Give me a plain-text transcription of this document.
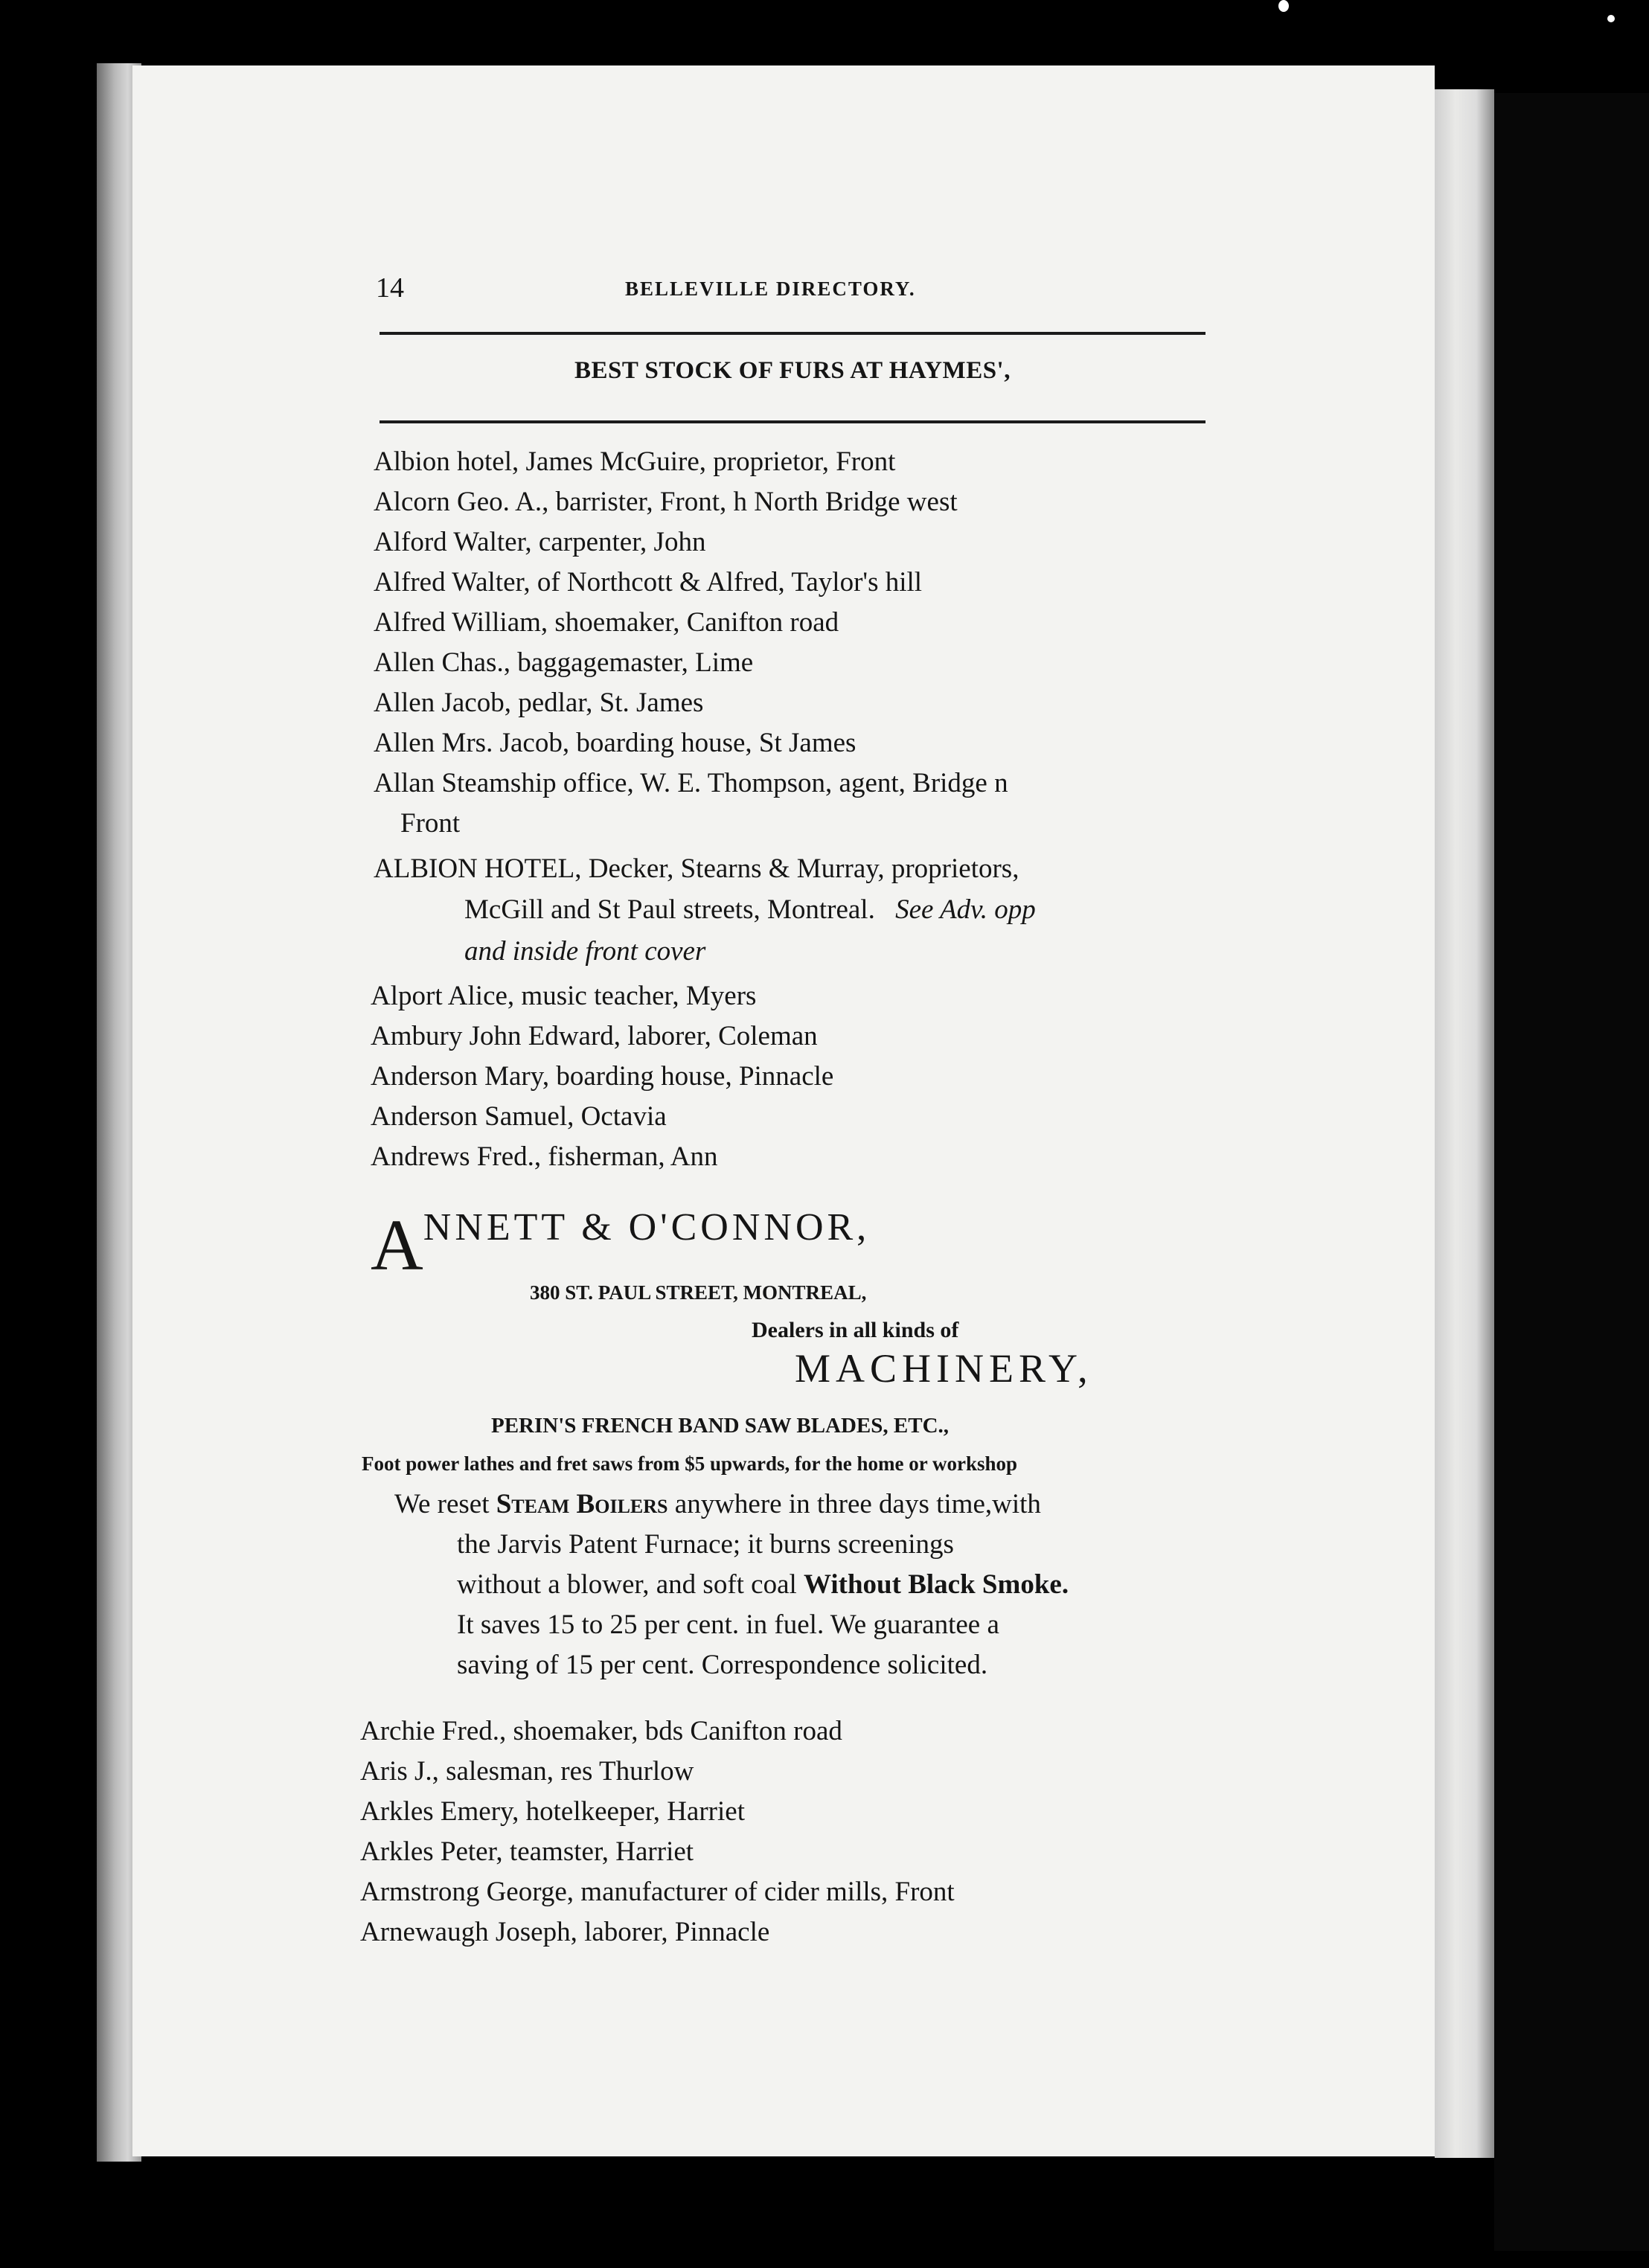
14	BELLEVILLE DIRECTORY.
BEST STOCK OF FURS AT HAYMES',
Albion hotel, James McGuire, proprietor, Front
Alcorn Geo. A., barrister, Front, h North Bridge west
Alford Walter, carpenter, John
Alfred Walter, of Northcott & Alfred, Taylor's hill
Alfred William, shoemaker, Canifton road
Allen Chas., baggagemaster, Lime
Allen Jacob, pedlar, St. James
Allen Mrs. Jacob, boarding house, St James
Allan Steamship office, W. E. Thompson, agent, Bridge n
Front
ALBION HOTEL, Decker, Stearns & Murray, proprietors,
McGill and St Paul streets, Montreal. See Adv. opp
and inside front cover
Alport Alice, music teacher, Myers
Ambury John Edward, laborer, Coleman
Anderson Mary, boarding house, Pinnacle
Anderson Samuel, Octavia
Andrews Fred., fisherman, Ann
ANNETT & O'CONNOR,
380 ST. PAUL STREET, MONTREAL,
Dealers in all kinds of
MACHINERY,
PERIN'S FRENCH BAND SAW BLADES, ETC.,
Foot power lathes and fret saws from $5 upwards, for the home or workshop
We reset Steam Boilers anywhere in three days time,with
the Jarvis Patent Furnace; it burns screenings
without a blower, and soft coal Without Black Smoke.
It saves 15 to 25 per cent. in fuel. We guarantee a
saving of 15 per cent. Correspondence solicited.
Archie Fred., shoemaker, bds Canifton road
Aris J., salesman, res Thurlow
Arkles Emery, hotelkeeper, Harriet
Arkles Peter, teamster, Harriet
Armstrong George, manufacturer of cider mills, Front
Arnewaugh Joseph, laborer, Pinnacle
